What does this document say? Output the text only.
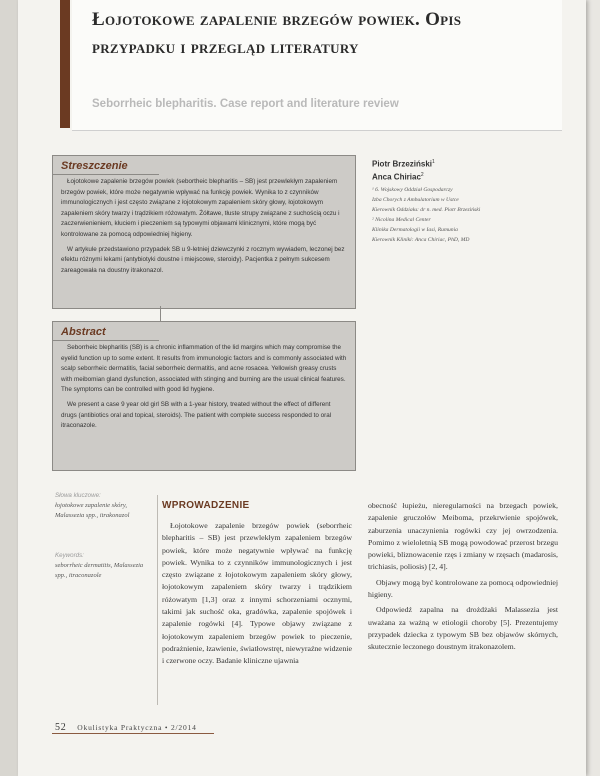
Łojotokowe zapalenie brzegów powiek. Opis przypadku i przegląd literatury
Seborrheic blepharitis. Case report and literature review
Streszczenie

Łojotokowe zapalenie brzegów powiek (sebortheic blepharitis – SB) jest przewlekłym zapaleniem brzegów powiek, które może negatywnie wpływać na funkcję powiek. Wynika to z czynników immunologicznych i jest często związane z łojotokowym zapaleniem skóry głowy, łojotokowym zapaleniem skóry twarzy i trądzikiem różowatym. Żółtawe, tłuste strupy związane z suchością oczu i zaczerwienieniem, kłuciem i pieczeniem są typowymi objawami klinicznymi, które mogą być kontrolowane za pomocą odpowiedniej higieny.

W artykule przedstawiono przypadek SB u 9-letniej dziewczynki z rocznym wywiadem, leczonej bez efektu różnymi lekami (antybiotyki doustne i miejscowe, steroidy). Pacjentka z pełnym sukcesem zareagowała na doustny itrakonazol.

Abstract

Seborrheic blepharitis (SB) is a chronic inflammation of the lid margins which may compromise the eyelid function up to some extent. It results from immunologic factors and is commonly associated with scalp seborrheic dermatitis, facial seborrheic dermatitis, and acne rosacea. Yellowish greasy crusts with meibomian gland dysfunction, associated with stinging and burning are the usual clinical features. The symptoms can be controlled with good lid hygiene.

We present a case 9 year old girl SB with a 1-year history, treated without the effect of different drugs (antibiotics oral and topical, steroids). The patient with complete success responded to oral itraconazole.

Piotr Brzeziński$^1$
Anca Chiriac$^2$
¹ 6. Wojskowy Oddział Gospodarczy
Izba Chorych z Ambulatorium w Ustce
Kierownik Oddziału: dr n. med. Piotr Brzeziński
² Nicolina Medical Center
Klinika Dermatologii w Iasi, Rumunia
Kierownik Kliniki: Anca Chiriac, PhD, MD
Słowa kluczowe:
łojotokowe zapalenie skóry, Malassezia spp., itrakonazol
Keywords:
seborrheic dermatitis, Malassezia spp., itraconazole
WPROWADZENIE

Łojotokowe zapalenie brzegów powiek (seborrheic blepharitis – SB) jest przewlekłym zapaleniem brzegów powiek, które może negatywnie wpływać na funkcję powiek. Wynika to z czynników immunologicznych i jest często związane z łojotokowym zapaleniem skóry głowy, łojotokowym zapaleniem skóry twarzy i trądzikiem różowatym [1,3] oraz z innymi schorzeniami ocznymi, takimi jak suchość oka, gradówka, zapalenie spojówek i zapalenie rogówki [4]. Typowe objawy związane z łojotokowym zapaleniem brzegów powiek to pieczenie, podrażnienie, łzawienie, światłowstręt, niewyraźne widzenie i czerwone oczy. Badanie kliniczne ujawnia

obecność łupieżu, nieregularności na brzegach powiek, zapalenie gruczołów Meiboma, przekrwienie spojówek, zaburzenia unaczynienia rogówki czy jej owrzodzenia. Pomimo z wieloletnią SB mogą powodować przerost brzegu powieki, bliznowacenie rzęs i zmiany w rzęsach (madarosis, trichiasis, poliosis) [2, 4].

Objawy mogą być kontrolowane za pomocą odpowiedniej higieny.

Odpowiedź zapalna na drożdżaki Malassezia jest uważana za ważną w etiologii choroby [5]. Prezentujemy przypadek dziecka z typowym SB bez objawów skórnych, skutecznie leczonego doustnym itrakonazolem.

52 Okulistyka Praktyczna • 2/2014
